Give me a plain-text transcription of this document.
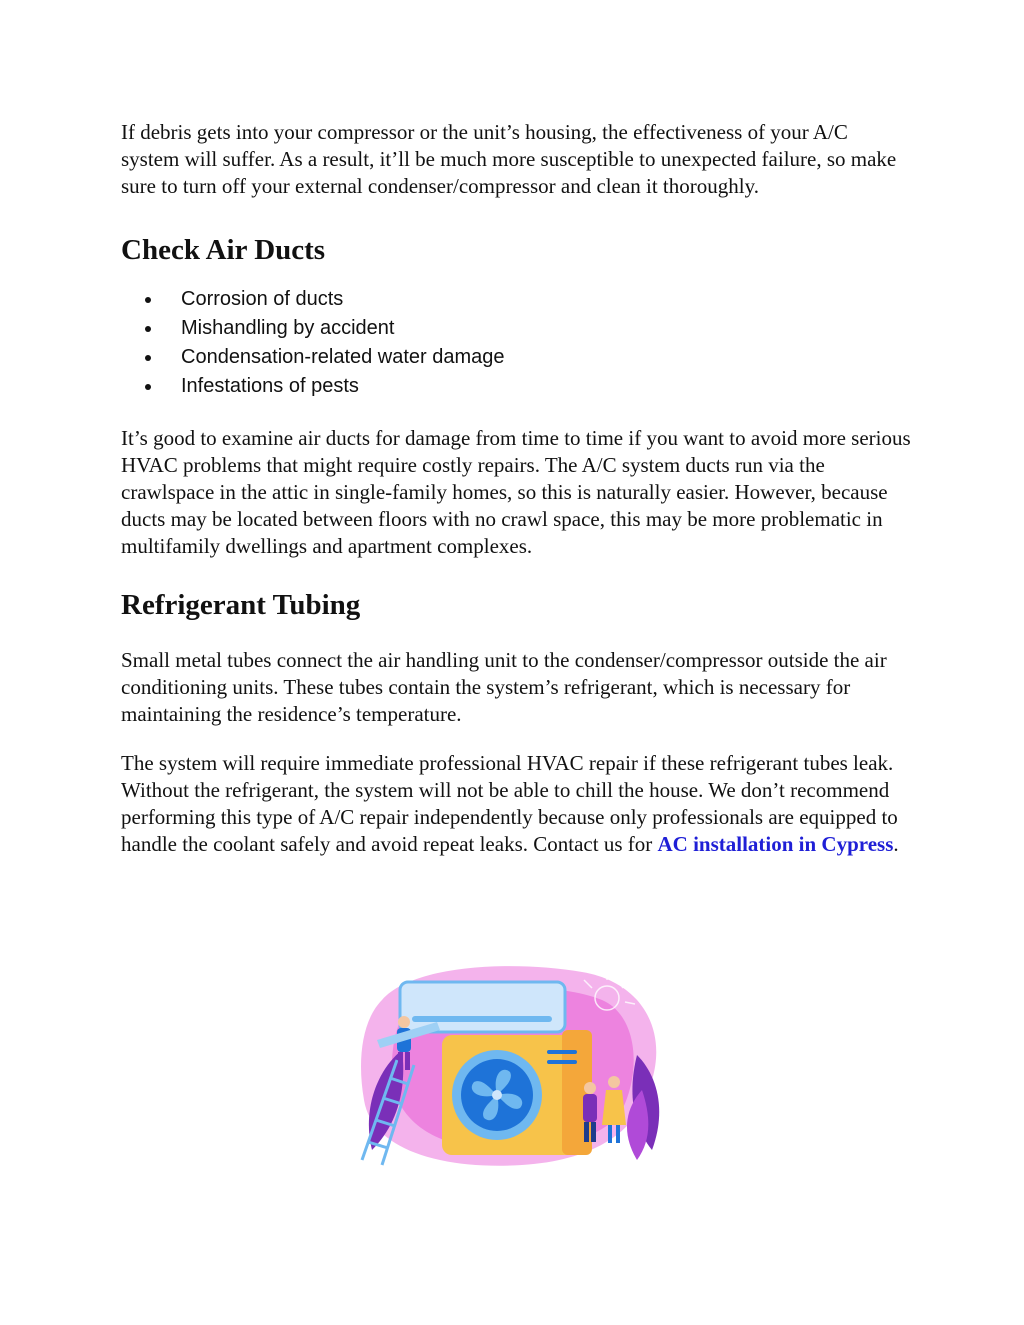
If debris gets into your compressor or the unit’s housing, the effectiveness of your A/C system will suffer. As a result, it’ll be much more susceptible to unexpected failure, so make sure to turn off your external condenser/compressor and clean it thoroughly.

Check Air Ducts
Corrosion of ducts
Mishandling by accident
Condensation-related water damage
Infestations of pests

It’s good to examine air ducts for damage from time to time if you want to avoid more serious HVAC problems that might require costly repairs. The A/C system ducts run via the crawlspace in the attic in single-family homes, so this is naturally easier. However, because ducts may be located between floors with no crawl space, this may be more problematic in multifamily dwellings and apartment complexes.

Refrigerant Tubing

Small metal tubes connect the air handling unit to the condenser/compressor outside the air conditioning units. These tubes contain the system’s refrigerant, which is necessary for maintaining the residence’s temperature.

The system will require immediate professional HVAC repair if these refrigerant tubes leak. Without the refrigerant, the system will not be able to chill the house. We don’t recommend performing this type of A/C repair independently because only professionals are equipped to handle the coolant safely and avoid repeat leaks. Contact us for AC installation in Cypress.
